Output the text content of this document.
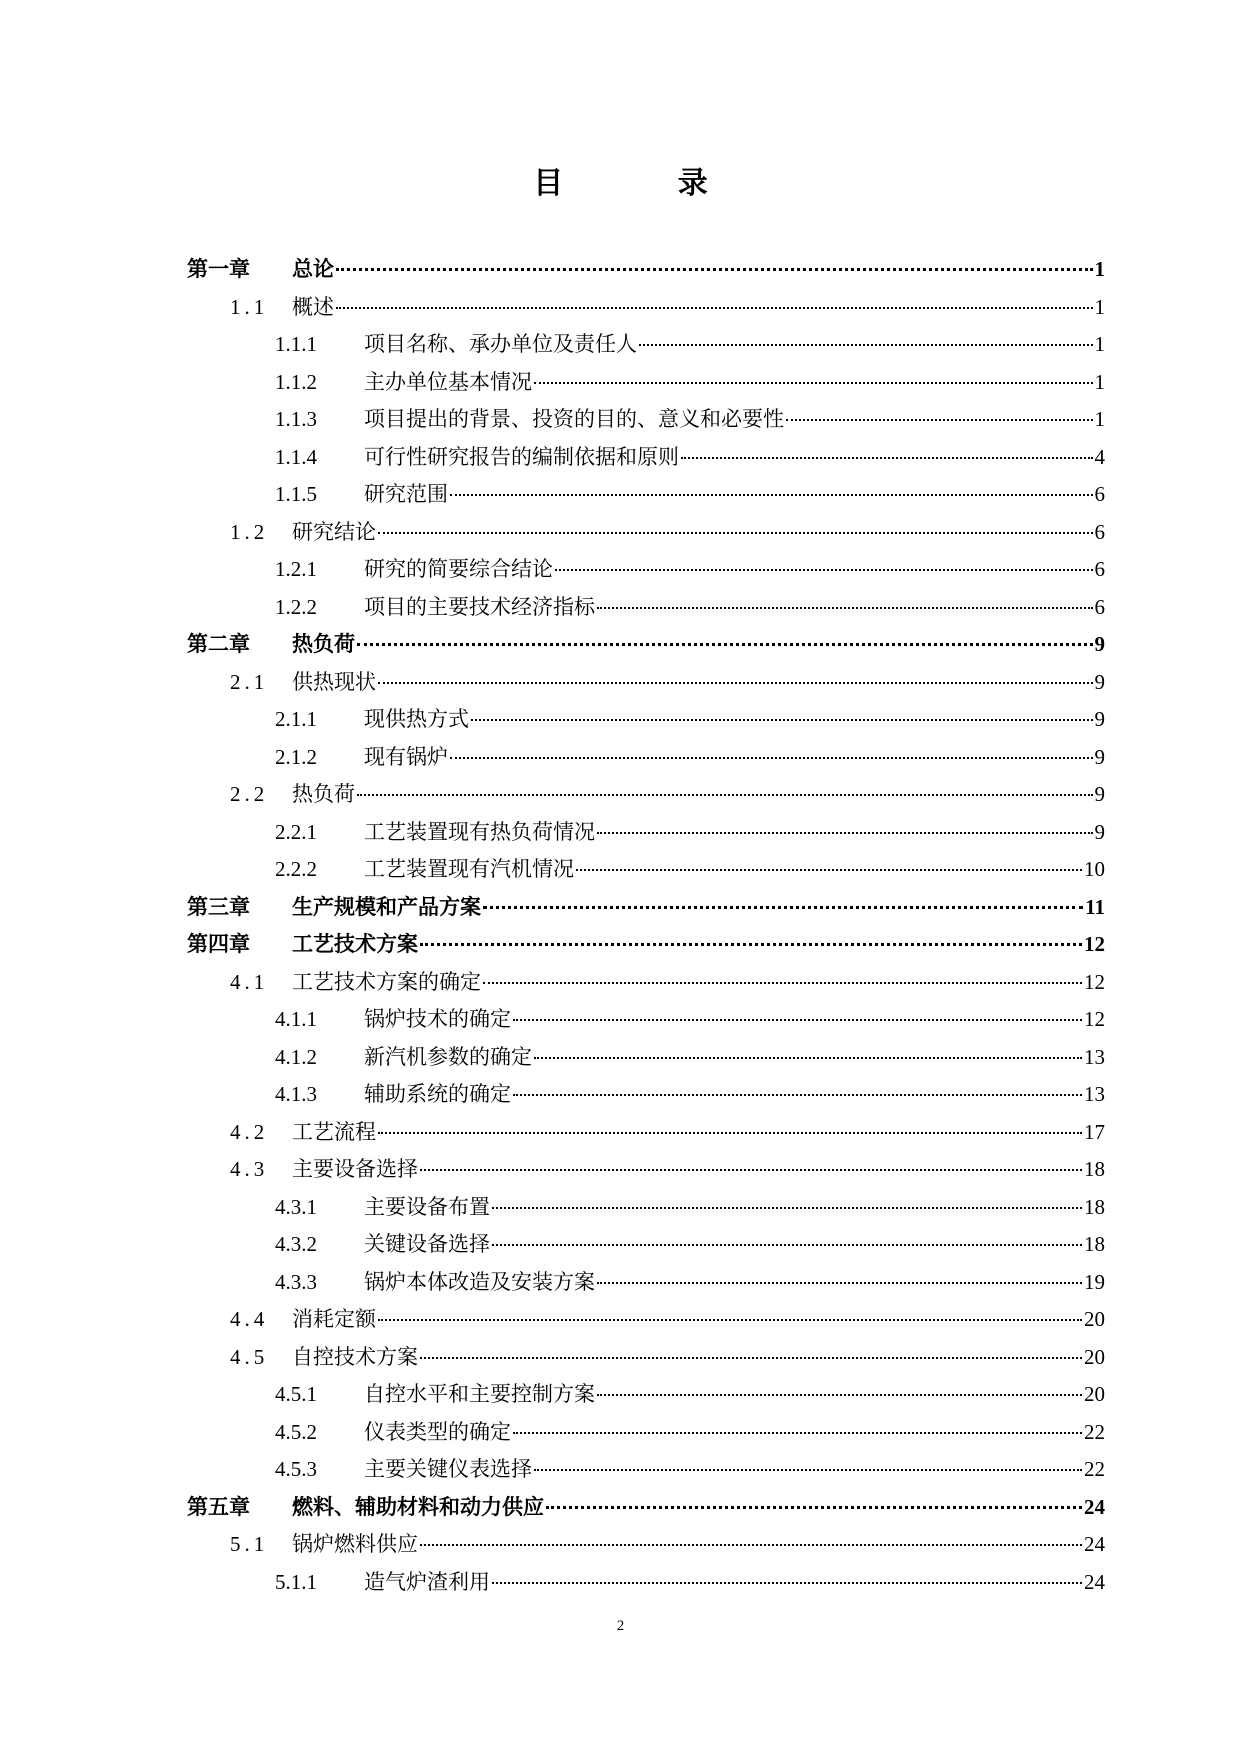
目 录
第一章	总论	1
1.1	概述	1
1.1.1	项目名称、承办单位及责任人	1
1.1.2	主办单位基本情况	1
1.1.3	项目提出的背景、投资的目的、意义和必要性	1
1.1.4	可行性研究报告的编制依据和原则	4
1.1.5	研究范围	6
1.2	研究结论	6
1.2.1	研究的简要综合结论	6
1.2.2	项目的主要技术经济指标	6
第二章	热负荷	9
2.1	供热现状	9
2.1.1	现供热方式	9
2.1.2	现有锅炉	9
2.2	热负荷	9
2.2.1	工艺装置现有热负荷情况	9
2.2.2	工艺装置现有汽机情况	10
第三章	生产规模和产品方案	11
第四章	工艺技术方案	12
4.1	工艺技术方案的确定	12
4.1.1	锅炉技术的确定	12
4.1.2	新汽机参数的确定	13
4.1.3	辅助系统的确定	13
4.2	工艺流程	17
4.3	主要设备选择	18
4.3.1	主要设备布置	18
4.3.2	关键设备选择	18
4.3.3	锅炉本体改造及安装方案	19
4.4	消耗定额	20
4.5	自控技术方案	20
4.5.1	自控水平和主要控制方案	20
4.5.2	仪表类型的确定	22
4.5.3	主要关键仪表选择	22
第五章	燃料、辅助材料和动力供应	24
5.1	锅炉燃料供应	24
5.1.1	造气炉渣利用	24
2
